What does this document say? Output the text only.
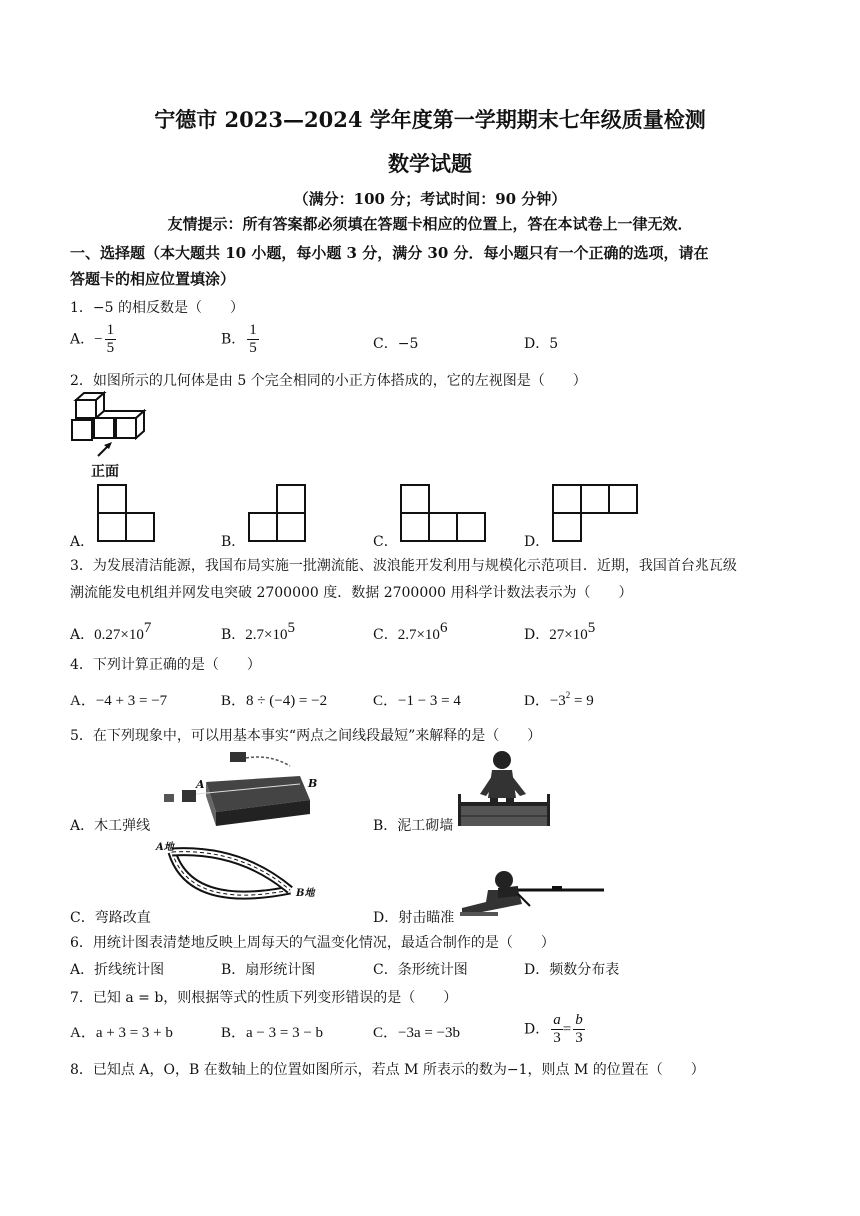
宁德市 2023—2024 学年度第一学期期末七年级质量检测
数学试题
（满分：100 分；考试时间：90 分钟）
友情提示：所有答案都必须填在答题卡相应的位置上，答在本试卷上一律无效．
一、选择题（本大题共 10 小题，每小题 3 分，满分 30 分．每小题只有一个正确的选项，请在
答题卡的相应位置填涂）
1．−5 的相反数是（　　）
A．− $\frac{1}{5}$	B． $\frac{1}{5}$	C．−5	D．5
2．如图所示的几何体是由 5 个完全相同的小正方体搭成的，它的左视图是（　　）
正面
A．	B．	C．	D．
3．为发展清洁能源，我国布局实施一批潮流能、波浪能开发利用与规模化示范项目．近期，我国首台兆瓦级
潮流能发电机组并网发电突破 2700000 度．数据 2700000 用科学计数法表示为（　　）
A．$0.27\times 10^7$	B．$2.7\times 10^5$	C．$2.7\times 10^6$	D．$27\times 10^5$
4．下列计算正确的是（　　）
A．−4 + 3 = −7	B．8 ÷ (−4) = −2	C．−1 − 3 = 4	D．$-3^2 = 9$
5．在下列现象中，可以用基本事实“两点之间线段最短”来解释的是（　　）
A	B
A．木工弹线	B．泥工砌墙
A地
B地
C．弯路改直	D．射击瞄准
6．用统计图表清楚地反映上周每天的气温变化情况，最适合制作的是（　　）
A．折线统计图	B．扇形统计图	C．条形统计图	D．频数分布表
7．已知 a = b，则根据等式的性质下列变形错误的是（　　）
A．a + 3 = 3 + b	B．a − 3 = 3 − b	C．−3a = −3b	D． $\frac{a}{3} = \frac{b}{3}$
8．已知点 A，O，B 在数轴上的位置如图所示，若点 M 所表示的数为−1，则点 M 的位置在（　　）
